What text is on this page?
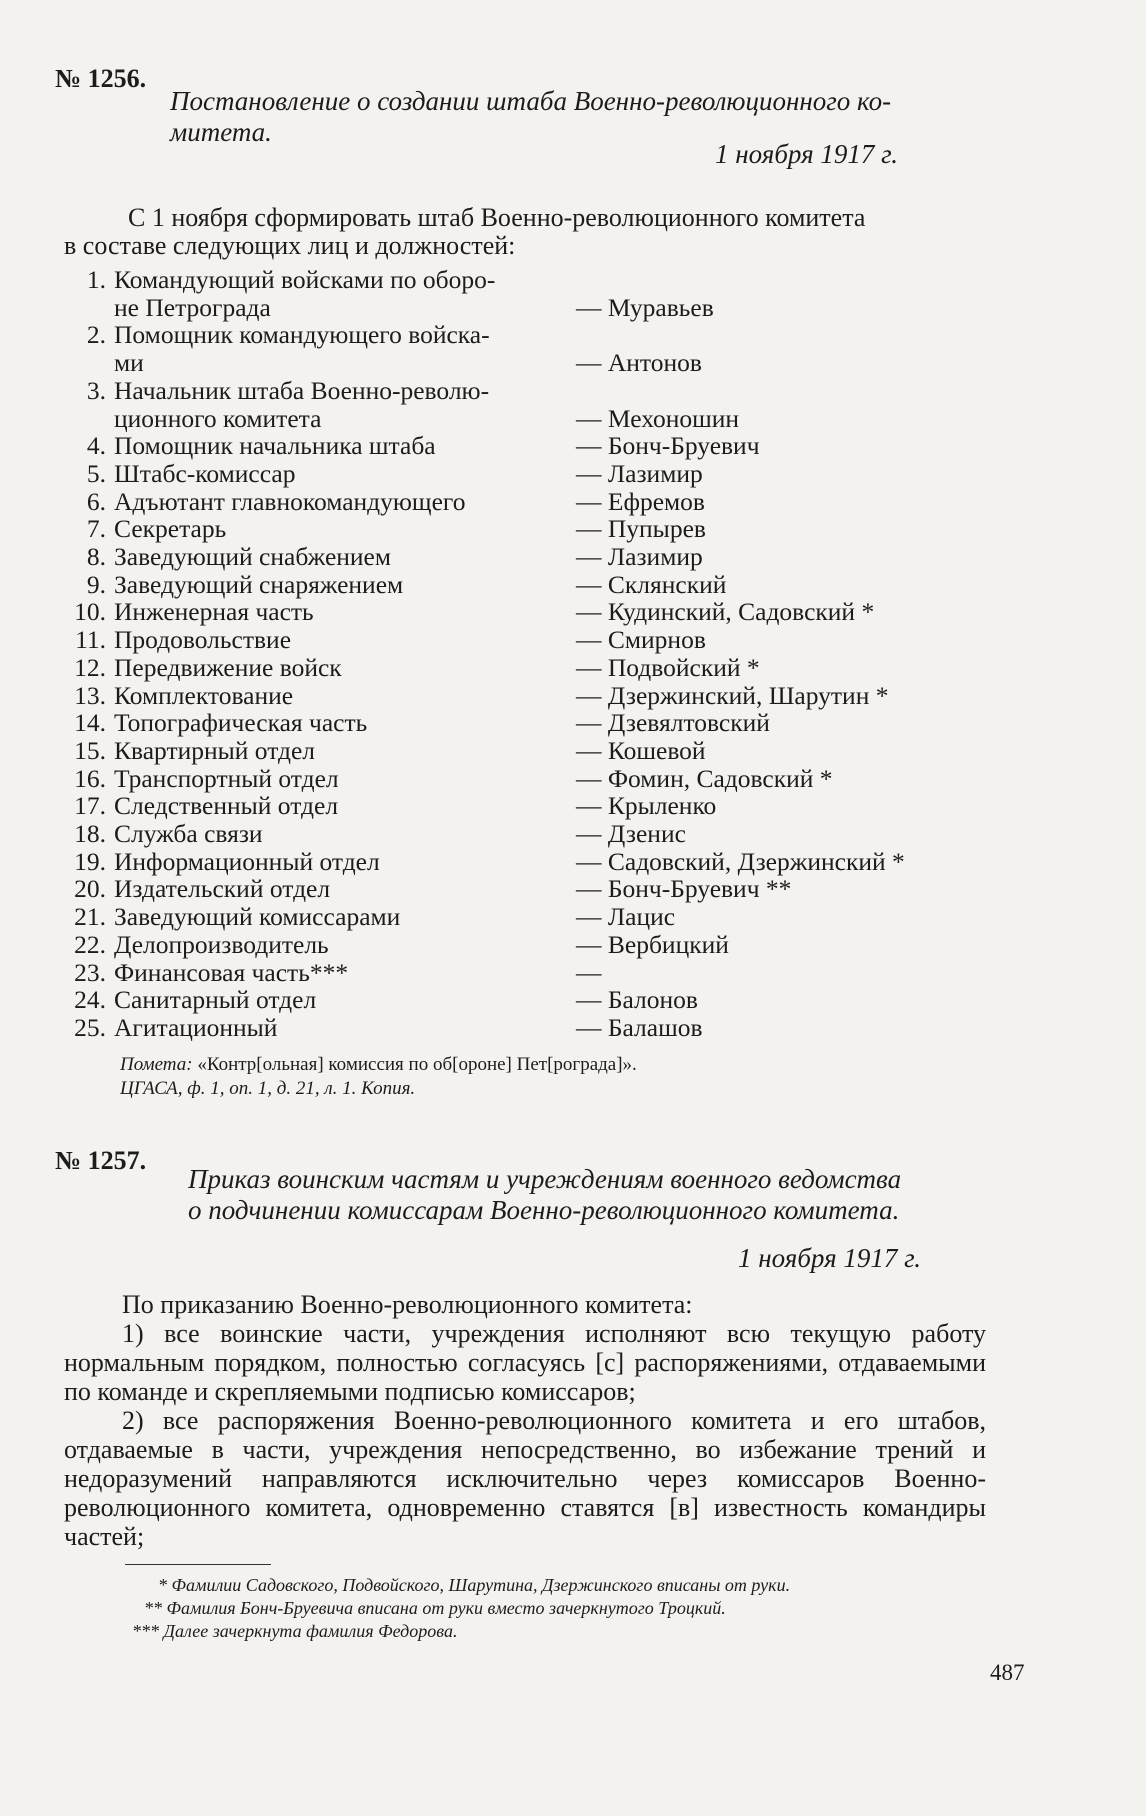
№ 1256.
Постановление о создании штаба Военно-революционного ко-
митета.
1 ноября 1917 г.
С 1 ноября сформировать штаб Военно-революционного комитета
в составе следующих лиц и должностей:
1. Командующий войсками по оборо-
не Петрограда	— Муравьев
2. Помощник командующего войска-
ми	— Антонов
3. Начальник штаба Военно-револю-
ционного комитета	— Мехоношин
4. Помощник начальника штаба	— Бонч-Бруевич
5. Штабс-комиссар	— Лазимир
6. Адъютант главнокомандующего	— Ефремов
7. Секретарь	— Пупырев
8. Заведующий снабжением	— Лазимир
9. Заведующий снаряжением	— Склянский
10. Инженерная часть	— Кудинский, Садовский *
11. Продовольствие	— Смирнов
12. Передвижение войск	— Подвойский *
13. Комплектование	— Дзержинский, Шарутин *
14. Топографическая часть	— Дзевялтовский
15. Квартирный отдел	— Кошевой
16. Транспортный отдел	— Фомин, Садовский *
17. Следственный отдел	— Крыленко
18. Служба связи	— Дзенис
19. Информационный отдел	— Садовский, Дзержинский *
20. Издательский отдел	— Бонч-Бруевич **
21. Заведующий комиссарами	— Лацис
22. Делопроизводитель	— Вербицкий
23. Финансовая часть***	—
24. Санитарный отдел	— Балонов
25. Агитационный	— Балашов
Помета: «Контр[ольная] комиссия по об[ороне] Пет[рограда]».
ЦГАСА, ф. 1, оп. 1, д. 21, л. 1. Копия.
№ 1257.
Приказ воинским частям и учреждениям военного ведомства
о подчинении комиссарам Военно-революционного комитета.
1 ноября 1917 г.

По приказанию Военно-революционного комитета:

1) все воинские части, учреждения исполняют всю текущую работу нормальным порядком, полностью согласуясь [с] распоряжениями, отдаваемыми по команде и скрепляемыми подписью комиссаров;

2) все распоряжения Военно-революционного комитета и его штабов, отдаваемые в части, учреждения непосредственно, во избежание трений и недоразумений направляются исключительно через комиссаров Военно-революционного комитета, одновременно ставятся [в] известность командиры частей;

* Фамилии Садовского, Подвойского, Шарутина, Дзержинского вписаны от руки.
** Фамилия Бонч-Бруевича вписана от руки вместо зачеркнутого Троцкий.
*** Далее зачеркнута фамилия Федорова.
487
